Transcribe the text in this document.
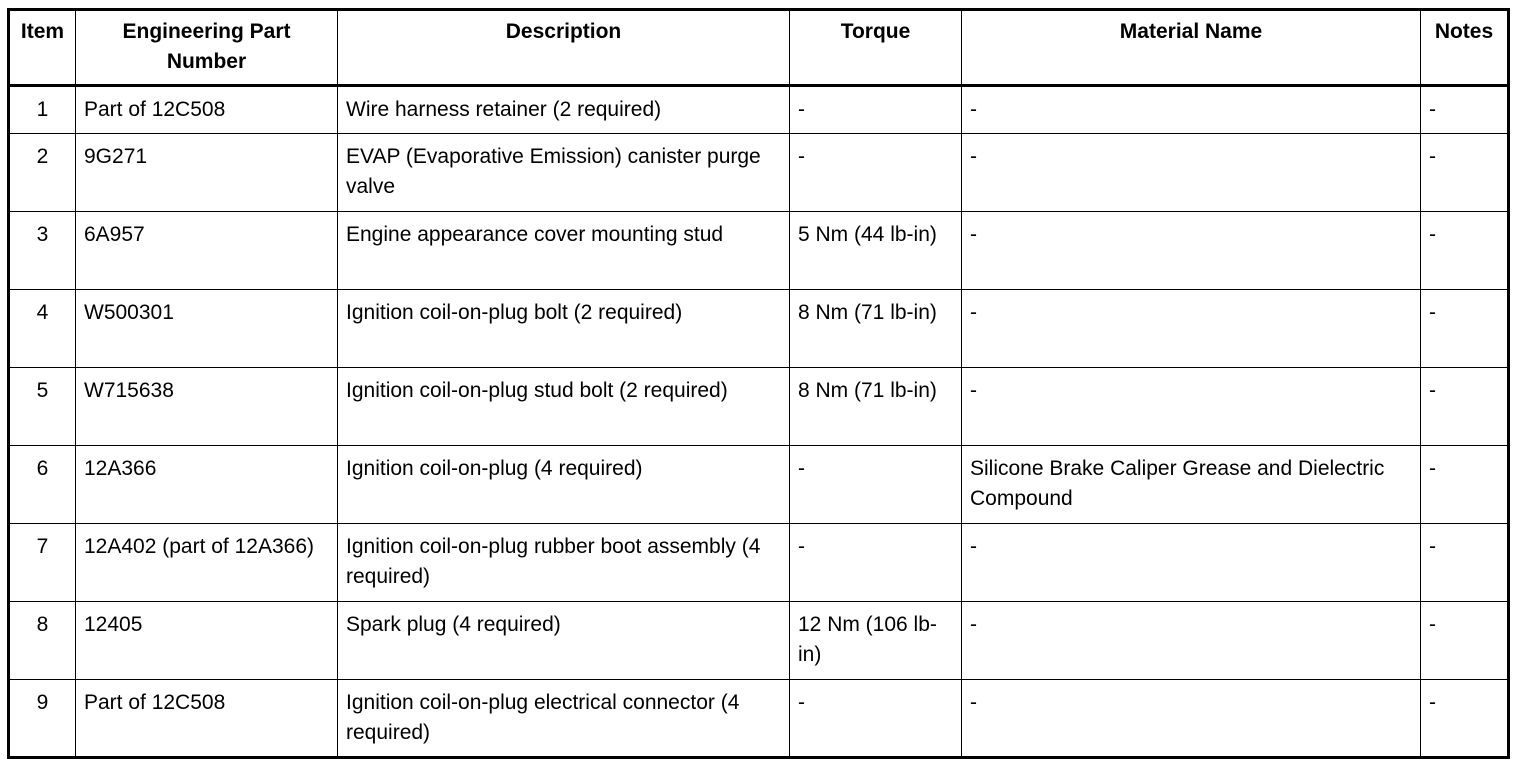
Item	Engineering Part Number	Description	Torque	Material Name	Notes
1	Part of 12C508	Wire harness retainer (2 required)	-	-	-
2	9G271	EVAP (Evaporative Emission) canister purge valve	-	-	-
3	6A957	Engine appearance cover mounting stud	5 Nm (44 lb-in)	-	-
4	W500301	Ignition coil-on-plug bolt (2 required)	8 Nm (71 lb-in)	-	-
5	W715638	Ignition coil-on-plug stud bolt (2 required)	8 Nm (71 lb-in)	-	-
6	12A366	Ignition coil-on-plug (4 required)	-	Silicone Brake Caliper Grease and Dielectric Compound	-
7	12A402 (part of 12A366)	Ignition coil-on-plug rubber boot assembly (4 required)	-	-	-
8	12405	Spark plug (4 required)	12 Nm (106 lb-in)	-	-
9	Part of 12C508	Ignition coil-on-plug electrical connector (4 required)	-	-	-
